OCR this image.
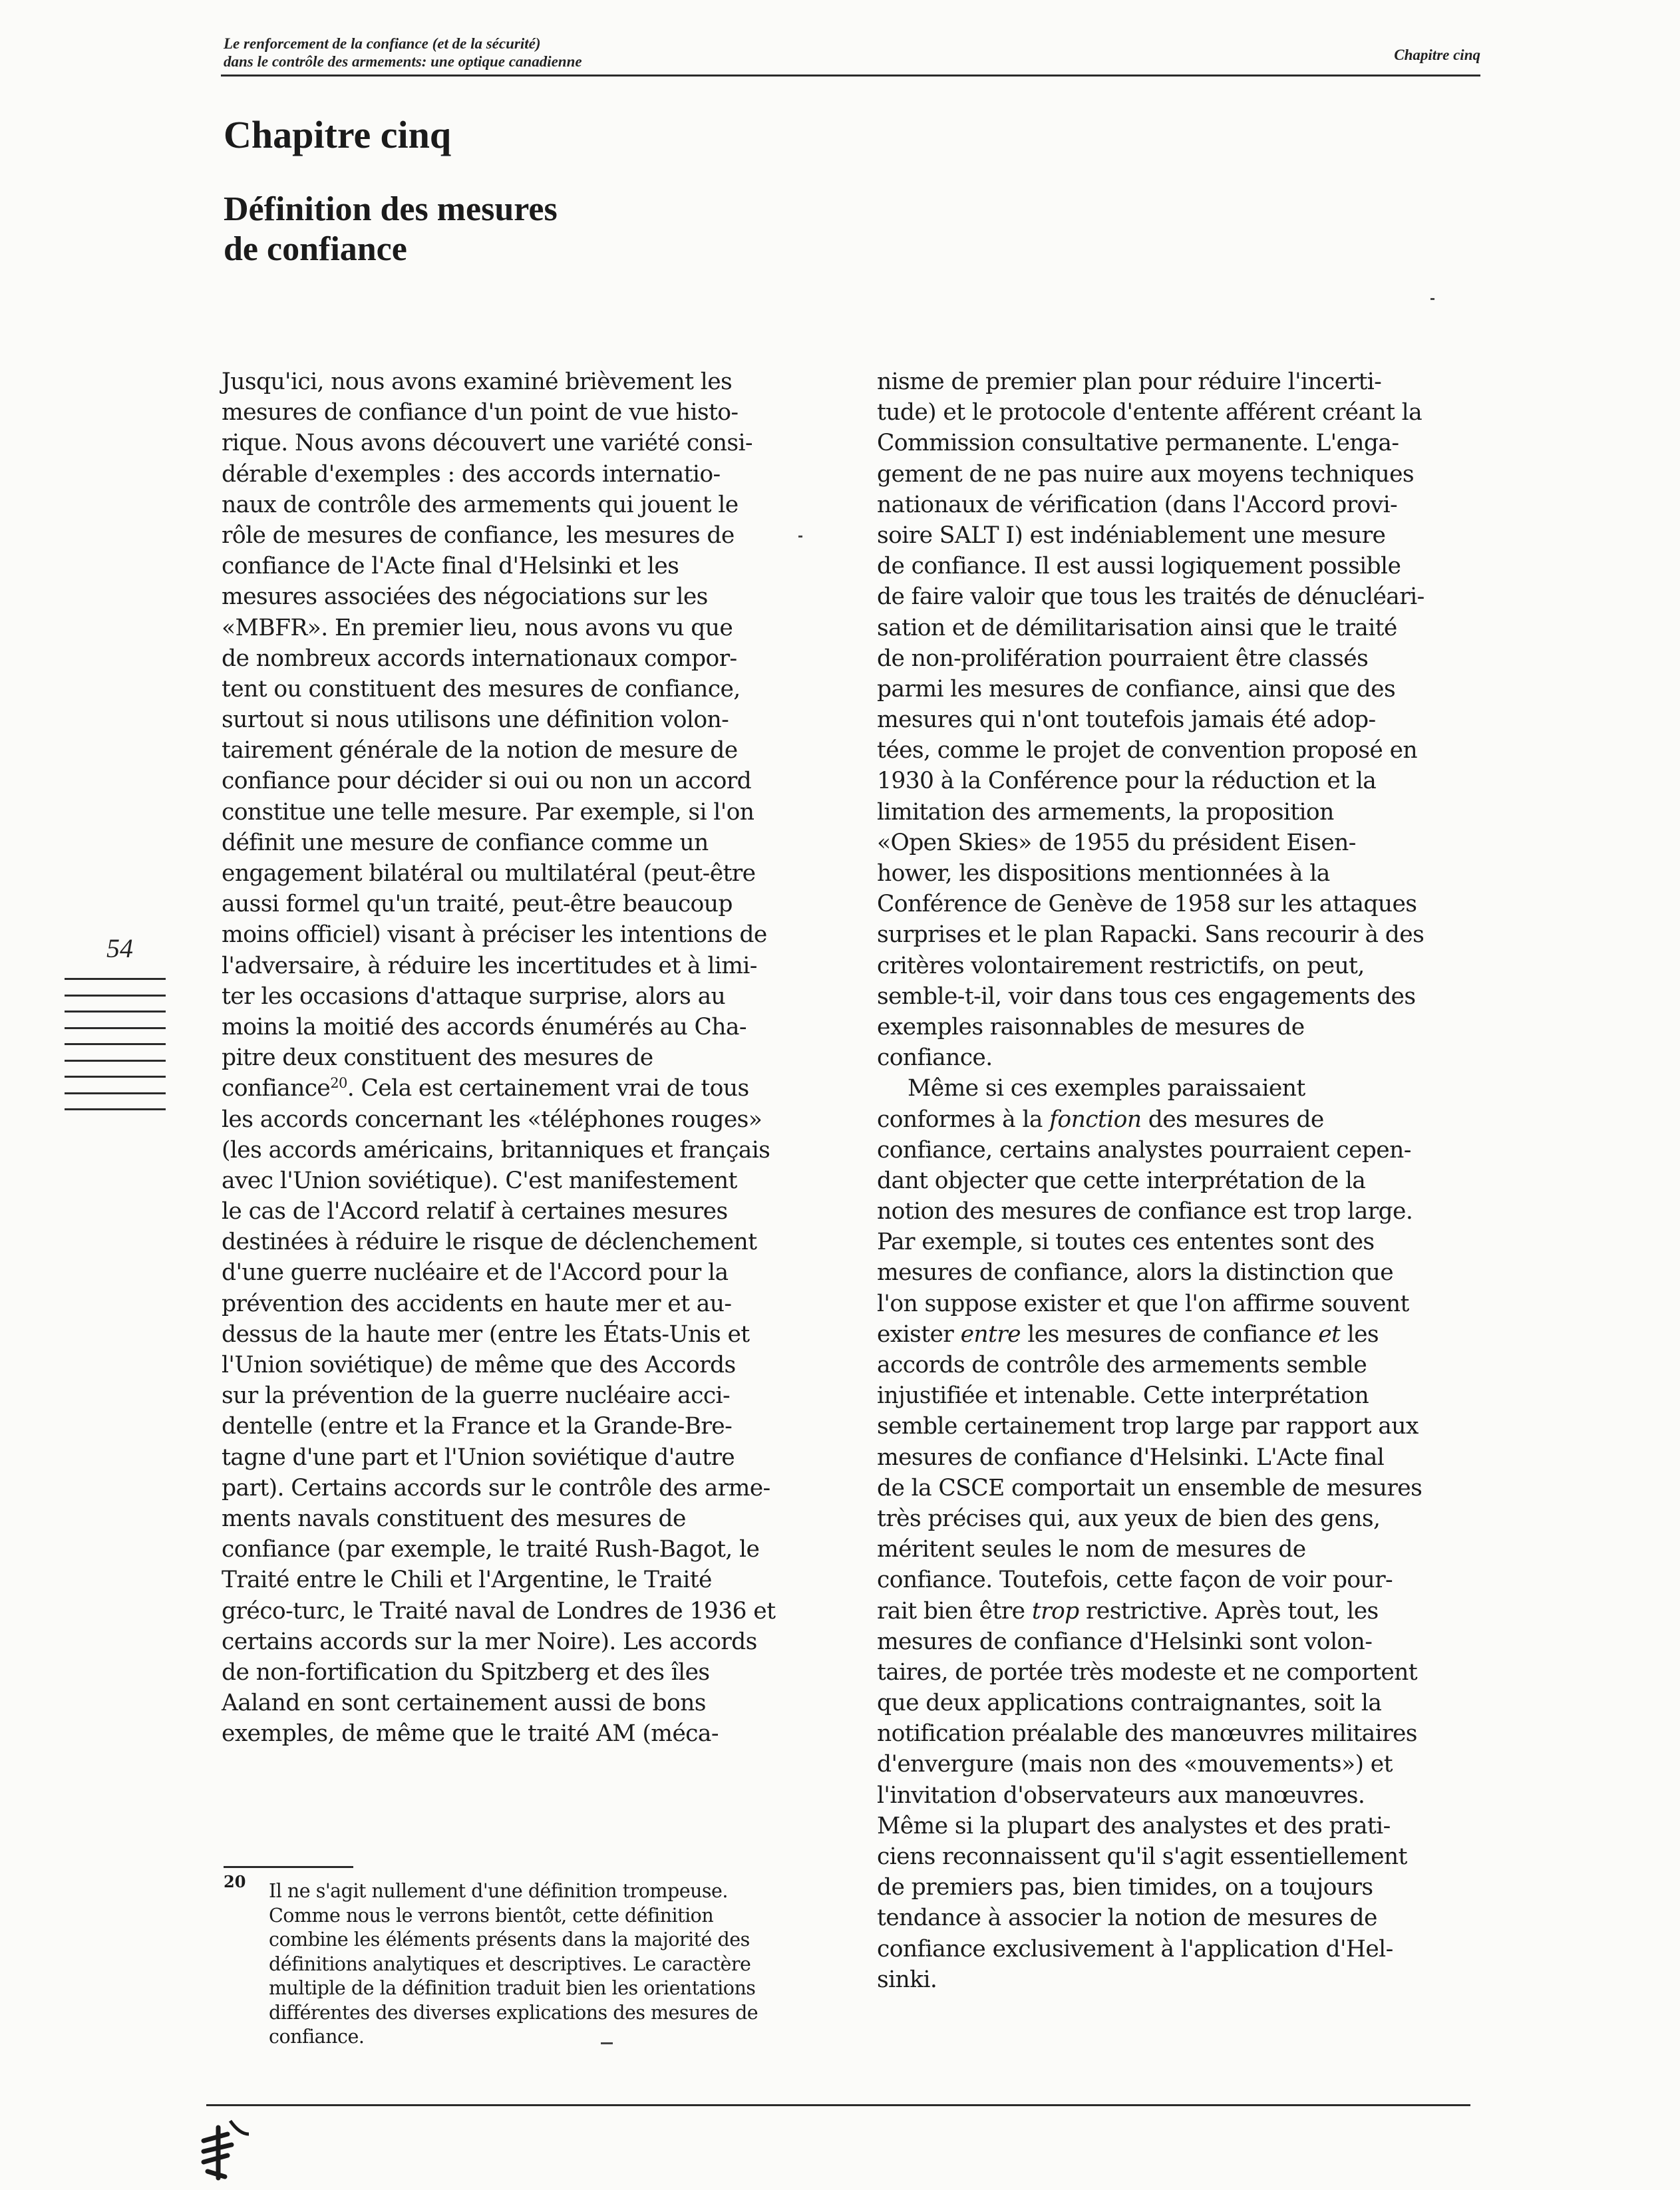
Le renforcement de la confiance (et de la sécurité)
dans le contrôle des armements: une optique canadienne	Chapitre cinq
Chapitre cinq
Définition des mesures
de confiance
Jusqu'ici, nous avons examiné brièvement les
mesures de confiance d'un point de vue histo-
rique. Nous avons découvert une variété consi-
dérable d'exemples : des accords internatio-
naux de contrôle des armements qui jouent le
rôle de mesures de confiance, les mesures de
confiance de l'Acte final d'Helsinki et les
mesures associées des négociations sur les
«MBFR». En premier lieu, nous avons vu que
de nombreux accords internationaux compor-
tent ou constituent des mesures de confiance,
surtout si nous utilisons une définition volon-
tairement générale de la notion de mesure de
confiance pour décider si oui ou non un accord
constitue une telle mesure. Par exemple, si l'on
définit une mesure de confiance comme un
engagement bilatéral ou multilatéral (peut-être
aussi formel qu'un traité, peut-être beaucoup
moins officiel) visant à préciser les intentions de
l'adversaire, à réduire les incertitudes et à limi-
ter les occasions d'attaque surprise, alors au
moins la moitié des accords énumérés au Cha-
pitre deux constituent des mesures de
confiance$^{20}$. Cela est certainement vrai de tous
les accords concernant les «téléphones rouges»
(les accords américains, britanniques et français
avec l'Union soviétique). C'est manifestement
le cas de l'Accord relatif à certaines mesures
destinées à réduire le risque de déclenchement
d'une guerre nucléaire et de l'Accord pour la
prévention des accidents en haute mer et au-
dessus de la haute mer (entre les États-Unis et
l'Union soviétique) de même que des Accords
sur la prévention de la guerre nucléaire acci-
dentelle (entre et la France et la Grande-Bre-
tagne d'une part et l'Union soviétique d'autre
part). Certains accords sur le contrôle des arme-
ments navals constituent des mesures de
confiance (par exemple, le traité Rush-Bagot, le
Traité entre le Chili et l'Argentine, le Traité
gréco-turc, le Traité naval de Londres de 1936 et
certains accords sur la mer Noire). Les accords
de non-fortification du Spitzberg et des îles
Aaland en sont certainement aussi de bons
exemples, de même que le traité AM (méca-
nisme de premier plan pour réduire l'incerti-
tude) et le protocole d'entente afférent créant la
Commission consultative permanente. L'enga-
gement de ne pas nuire aux moyens techniques
nationaux de vérification (dans l'Accord provi-
soire SALT I) est indéniablement une mesure
de confiance. Il est aussi logiquement possible
de faire valoir que tous les traités de dénucléari-
sation et de démilitarisation ainsi que le traité
de non-prolifération pourraient être classés
parmi les mesures de confiance, ainsi que des
mesures qui n'ont toutefois jamais été adop-
tées, comme le projet de convention proposé en
1930 à la Conférence pour la réduction et la
limitation des armements, la proposition
«Open Skies» de 1955 du président Eisen-
hower, les dispositions mentionnées à la
Conférence de Genève de 1958 sur les attaques
surprises et le plan Rapacki. Sans recourir à des
critères volontairement restrictifs, on peut,
semble-t-il, voir dans tous ces engagements des
exemples raisonnables de mesures de
confiance.
Même si ces exemples paraissaient
conformes à la fonction des mesures de
confiance, certains analystes pourraient cepen-
dant objecter que cette interprétation de la
notion des mesures de confiance est trop large.
Par exemple, si toutes ces ententes sont des
mesures de confiance, alors la distinction que
l'on suppose exister et que l'on affirme souvent
exister entre les mesures de confiance et les
accords de contrôle des armements semble
injustifiée et intenable. Cette interprétation
semble certainement trop large par rapport aux
mesures de confiance d'Helsinki. L'Acte final
de la CSCE comportait un ensemble de mesures
très précises qui, aux yeux de bien des gens,
méritent seules le nom de mesures de
confiance. Toutefois, cette façon de voir pour-
rait bien être trop restrictive. Après tout, les
mesures de confiance d'Helsinki sont volon-
taires, de portée très modeste et ne comportent
que deux applications contraignantes, soit la
notification préalable des manœuvres militaires
d'envergure (mais non des «mouvements») et
l'invitation d'observateurs aux manœuvres.
Même si la plupart des analystes et des prati-
ciens reconnaissent qu'il s'agit essentiellement
de premiers pas, bien timides, on a toujours
tendance à associer la notion de mesures de
confiance exclusivement à l'application d'Hel-
sinki.
54
20 Il ne s'agit nullement d'une définition trompeuse.
Comme nous le verrons bientôt, cette définition
combine les éléments présents dans la majorité des
définitions analytiques et descriptives. Le caractère
multiple de la définition traduit bien les orientations
différentes des diverses explications des mesures de
confiance.
